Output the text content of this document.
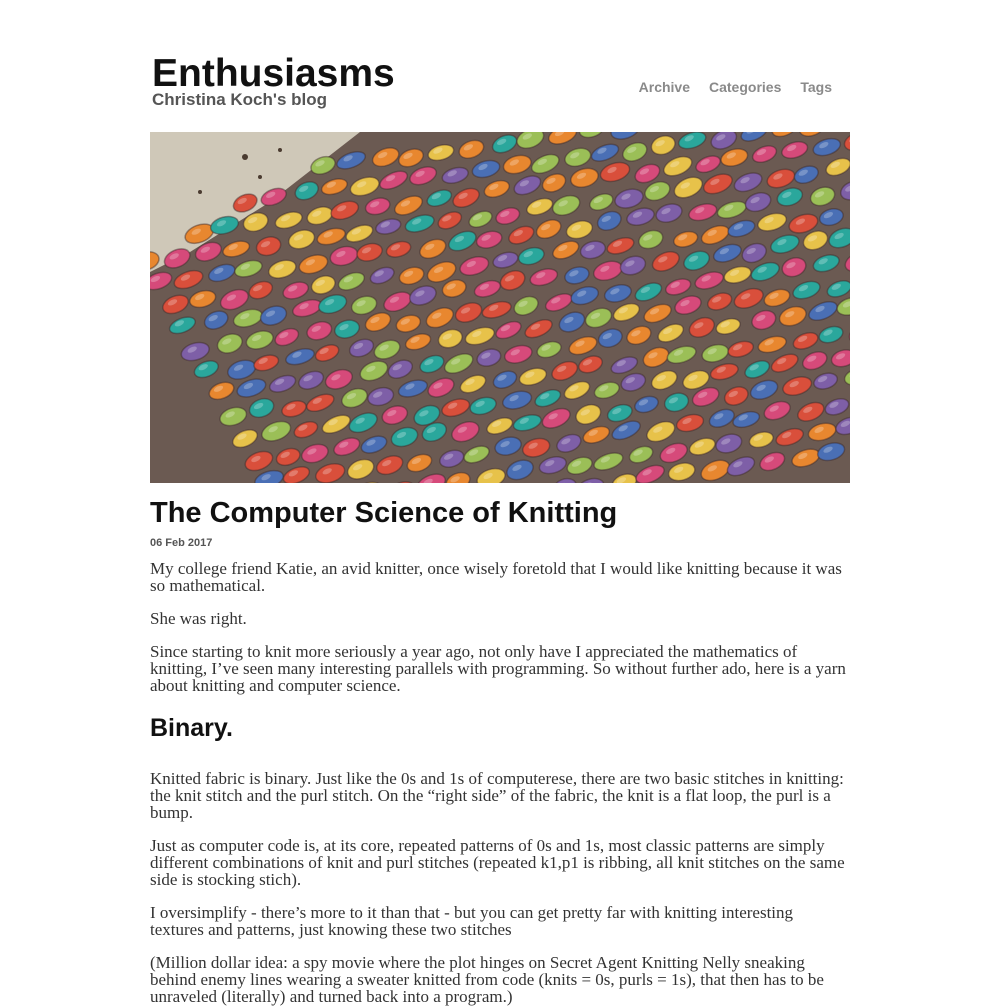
Enthusiasms
Christina Koch's blog
Archive Categories Tags
The Computer Science of Knitting
06 Feb 2017

My college friend Katie, an avid knitter, once wisely foretold that I would like knitting because it was so mathematical.

She was right.

Since starting to knit more seriously a year ago, not only have I appreciated the mathematics of knitting, I’ve seen many interesting parallels with programming. So without further ado, here is a yarn about knitting and computer science.

Binary.

Knitted fabric is binary. Just like the 0s and 1s of computerese, there are two basic stitches in knitting: the knit stitch and the purl stitch. On the “right side” of the fabric, the knit is a flat loop, the purl is a bump.

Just as computer code is, at its core, repeated patterns of 0s and 1s, most classic patterns are simply different combinations of knit and purl stitches (repeated k1,p1 is ribbing, all knit stitches on the same side is stocking stich).

I oversimplify - there’s more to it than that - but you can get pretty far with knitting interesting textures and patterns, just knowing these two stitches

(Million dollar idea: a spy movie where the plot hinges on Secret Agent Knitting Nelly sneaking behind enemy lines wearing a sweater knitted from code (knits = 0s, purls = 1s), that then has to be unraveled (literally) and turned back into a program.)
